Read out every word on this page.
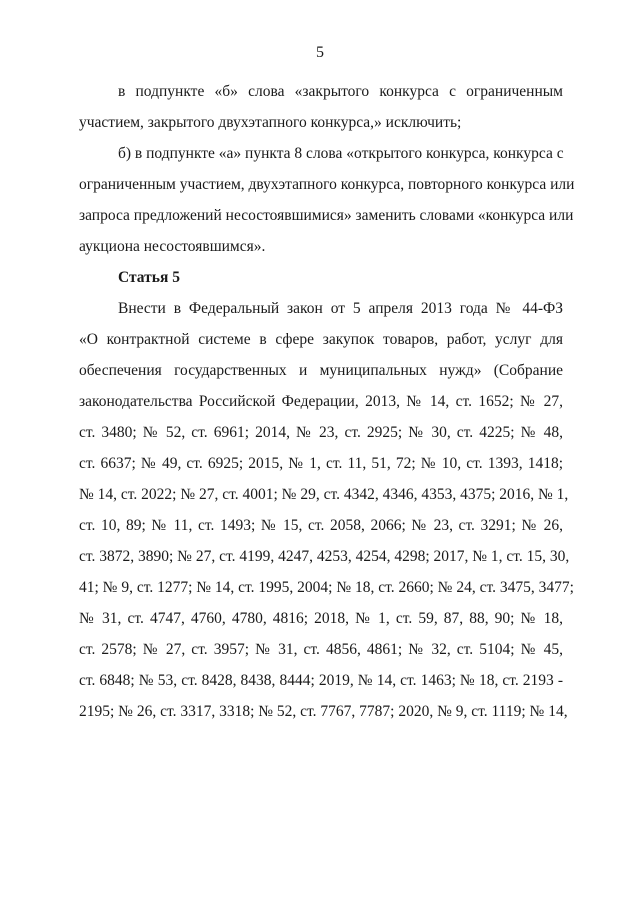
5
в подпункте «б» слова «закрытого конкурса с ограниченным
участием, закрытого двухэтапного конкурса,» исключить;
б) в подпункте «а» пункта 8 слова «открытого конкурса, конкурса с
ограниченным участием, двухэтапного конкурса, повторного конкурса или
запроса предложений несостоявшимися» заменить словами «конкурса или
аукциона несостоявшимся».
Статья 5
Внести в Федеральный закон от 5 апреля 2013 года № 44-ФЗ
«О контрактной системе в сфере закупок товаров, работ, услуг для
обеспечения государственных и муниципальных нужд» (Собрание
законодательства Российской Федерации, 2013, № 14, ст. 1652; № 27,
ст. 3480; № 52, ст. 6961; 2014, № 23, ст. 2925; № 30, ст. 4225; № 48,
ст. 6637; № 49, ст. 6925; 2015, № 1, ст. 11, 51, 72; № 10, ст. 1393, 1418;
№ 14, ст. 2022; № 27, ст. 4001; № 29, ст. 4342, 4346, 4353, 4375; 2016, № 1,
ст. 10, 89; № 11, ст. 1493; № 15, ст. 2058, 2066; № 23, ст. 3291; № 26,
ст. 3872, 3890; № 27, ст. 4199, 4247, 4253, 4254, 4298; 2017, № 1, ст. 15, 30,
41; № 9, ст. 1277; № 14, ст. 1995, 2004; № 18, ст. 2660; № 24, ст. 3475, 3477;
№ 31, ст. 4747, 4760, 4780, 4816; 2018, № 1, ст. 59, 87, 88, 90; № 18,
ст. 2578; № 27, ст. 3957; № 31, ст. 4856, 4861; № 32, ст. 5104; № 45,
ст. 6848; № 53, ст. 8428, 8438, 8444; 2019, № 14, ст. 1463; № 18, ст. 2193 -
2195; № 26, ст. 3317, 3318; № 52, ст. 7767, 7787; 2020, № 9, ст. 1119; № 14,
